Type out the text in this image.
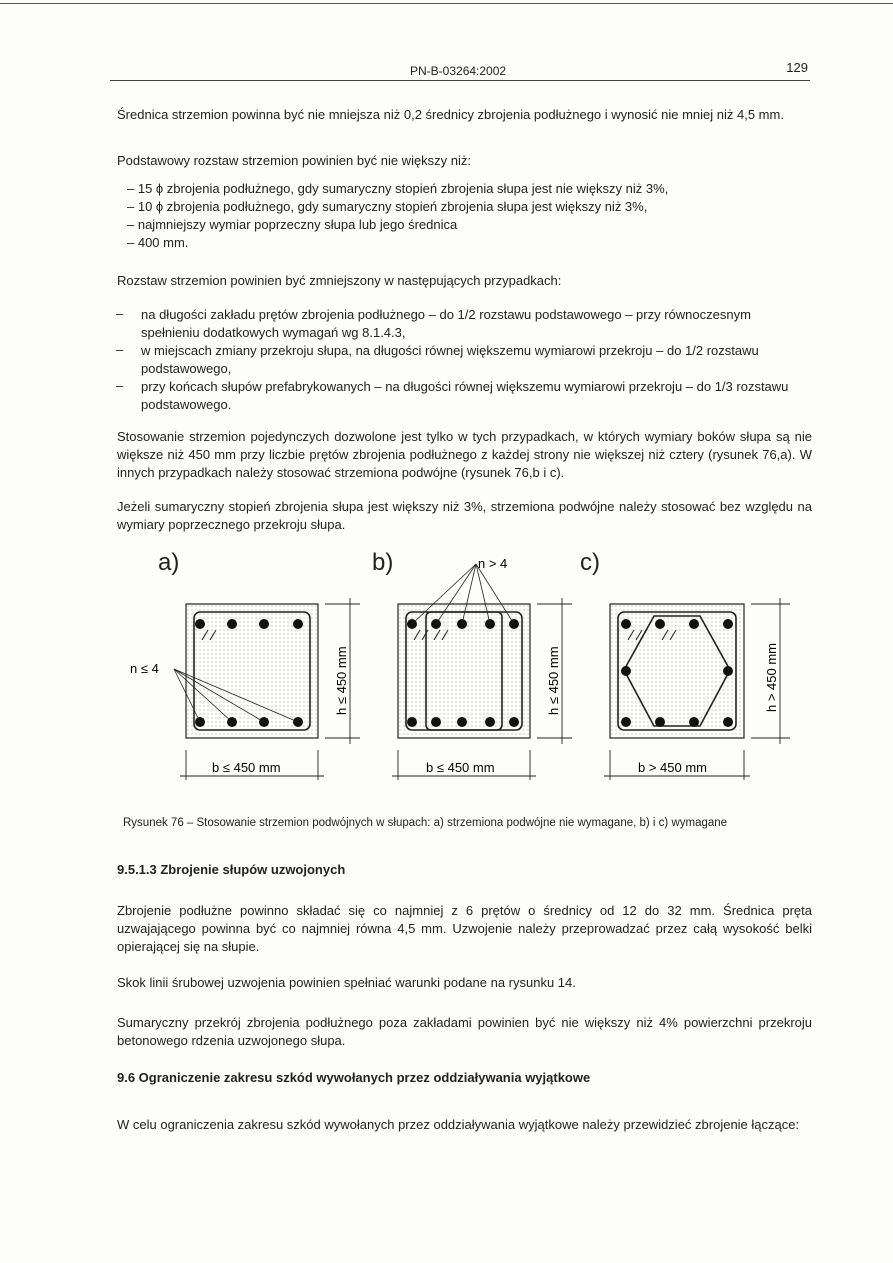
PN-B-03264:2002	129
Średnica strzemion powinna być nie mniejsza niż 0,2 średnicy zbrojenia podłużnego i wynosić nie mniej niż 4,5 mm.
Podstawowy rozstaw strzemion powinien być nie większy niż:
– 15 ϕ zbrojenia podłużnego, gdy sumaryczny stopień zbrojenia słupa jest nie większy niż 3%,
– 10 ϕ zbrojenia podłużnego, gdy sumaryczny stopień zbrojenia słupa jest większy niż 3%,
– najmniejszy wymiar poprzeczny słupa lub jego średnica
– 400 mm.
Rozstaw strzemion powinien być zmniejszony w następujących przypadkach:
– na długości zakładu prętów zbrojenia podłużnego – do 1/2 rozstawu podstawowego – przy równoczesnym spełnieniu dodatkowych wymagań wg 8.1.4.3,
– w miejscach zmiany przekroju słupa, na długości równej większemu wymiarowi przekroju – do 1/2 rozstawu podstawowego,
– przy końcach słupów prefabrykowanych – na długości równej większemu wymiarowi przekroju – do 1/3 rozstawu podstawowego.
Stosowanie strzemion pojedynczych dozwolone jest tylko w tych przypadkach, w których wymiary boków słupa są nie większe niż 450 mm przy liczbie prętów zbrojenia podłużnego z każdej strony nie większej niż cztery (rysunek 76,a). W innych przypadkach należy stosować strzemiona podwójne (rysunek 76,b i c).
Jeżeli sumaryczny stopień zbrojenia słupa jest większy niż 3%, strzemiona podwójne należy stosować bez względu na wymiary poprzecznego przekroju słupa.
a)	b)	c)
n ≤ 4
b ≤ 450 mm
h ≤ 450 mm
n > 4
b ≤ 450 mm
h ≤ 450 mm
b > 450 mm
h > 450 mm
Rysunek 76 – Stosowanie strzemion podwójnych w słupach: a) strzemiona podwójne nie wymagane, b) i c) wymagane
9.5.1.3 Zbrojenie słupów uzwojonych
Zbrojenie podłużne powinno składać się co najmniej z 6 prętów o średnicy od 12 do 32 mm. Średnica pręta uzwajającego powinna być co najmniej równa 4,5 mm. Uzwojenie należy przeprowadzać przez całą wysokość belki opierającej się na słupie.
Skok linii śrubowej uzwojenia powinien spełniać warunki podane na rysunku 14.
Sumaryczny przekrój zbrojenia podłużnego poza zakładami powinien być nie większy niż 4% powierzchni przekroju betonowego rdzenia uzwojonego słupa.
9.6 Ograniczenie zakresu szkód wywołanych przez oddziaływania wyjątkowe
W celu ograniczenia zakresu szkód wywołanych przez oddziaływania wyjątkowe należy przewidzieć zbrojenie łączące:
